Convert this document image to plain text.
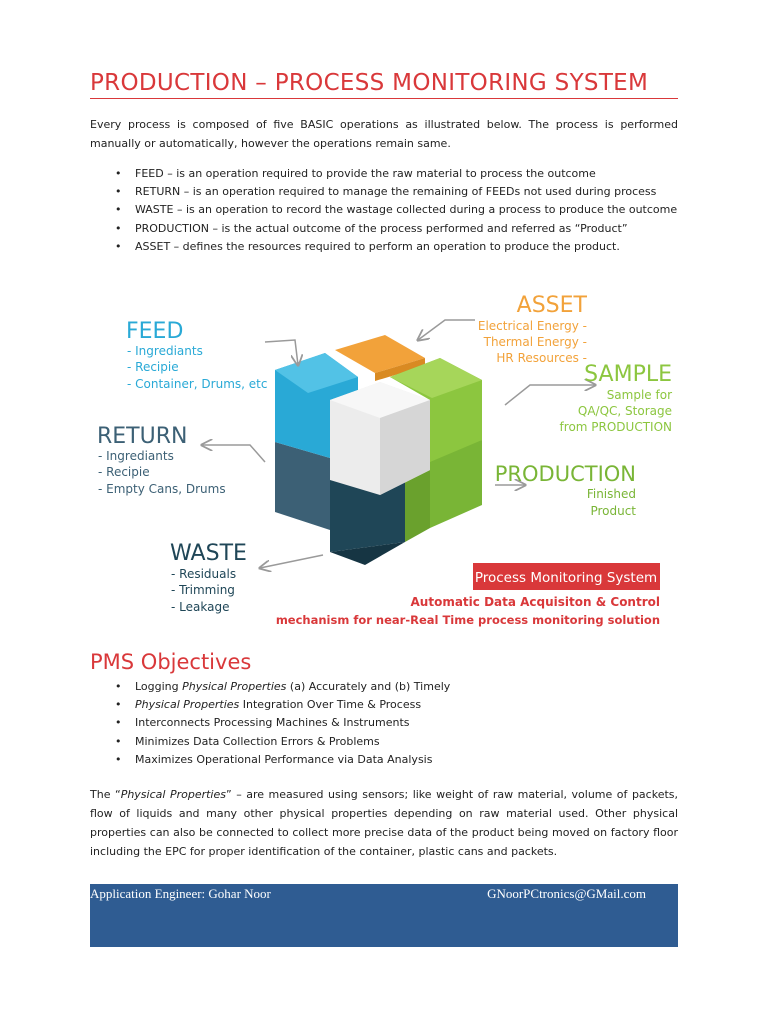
PRODUCTION – PROCESS MONITORING SYSTEM
Every process is composed of five BASIC operations as illustrated below. The process is performed manually or automatically, however the operations remain same.
• FEED – is an operation required to provide the raw material to process the outcome
• RETURN – is an operation required to manage the remaining of FEEDs not used during process
• WASTE – is an operation to record the wastage collected during a process to produce the outcome
• PRODUCTION – is the actual outcome of the process performed and referred as “Product”
• ASSET – defines the resources required to perform an operation to produce the product.
FEED
- Ingrediants
- Recipie
- Container, Drums, etc
RETURN
- Ingrediants
- Recipie
- Empty Cans, Drums
WASTE
- Residuals
- Trimming
- Leakage
ASSET
Electrical Energy -
Thermal Energy -
HR Resources -
SAMPLE
Sample for
QA/QC, Storage
from PRODUCTION
PRODUCTION
Finished
Product
Process Monitoring System
Automatic Data Acquisiton & Control
mechanism for near-Real Time process monitoring solution
PMS Objectives
• Logging Physical Properties (a) Accurately and (b) Timely
• Physical Properties Integration Over Time & Process
• Interconnects Processing Machines & Instruments
• Minimizes Data Collection Errors & Problems
• Maximizes Operational Performance via Data Analysis
The “Physical Properties” – are measured using sensors; like weight of raw material, volume of packets, flow of liquids and many other physical properties depending on raw material used. Other physical properties can also be connected to collect more precise data of the product being moved on factory floor including the EPC for proper identification of the container, plastic cans and packets.
Application Engineer: Gohar Noor	GNoorPCtronics@GMail.com
